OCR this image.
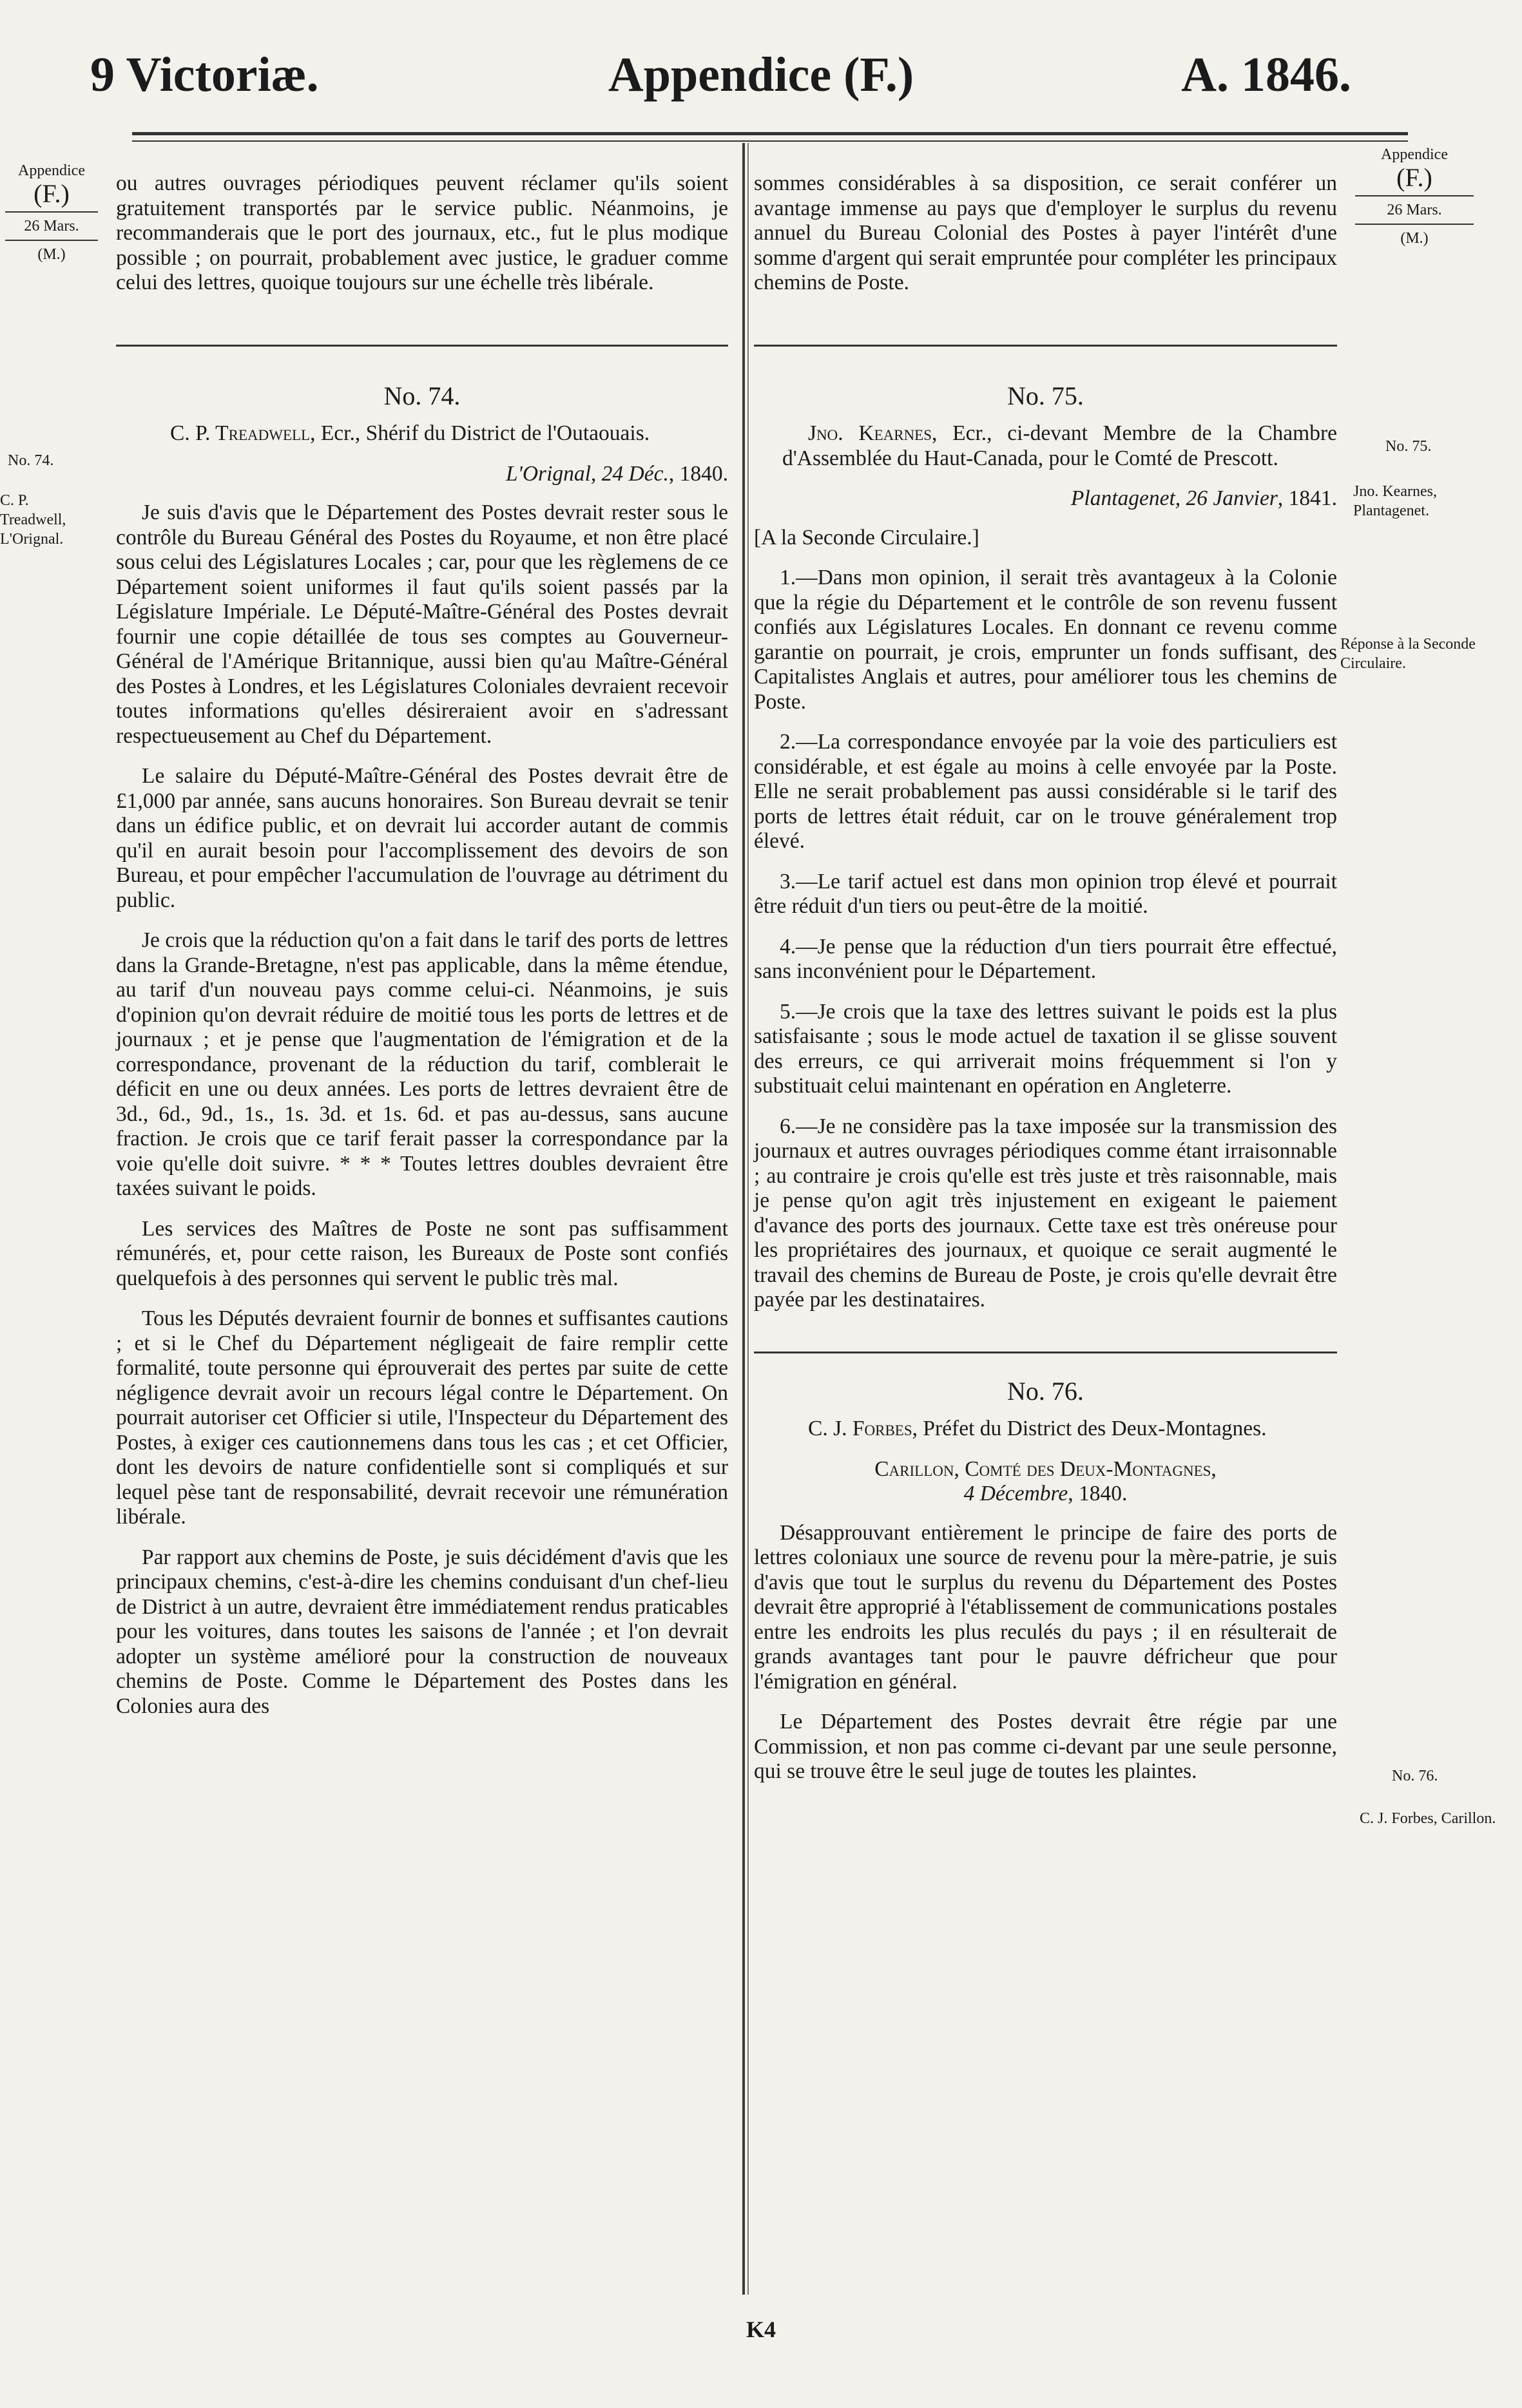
9 Victoriæ.	Appendice (F.)	A. 1846.
Appendice
(F.)
26 Mars.
(M.)
Appendice
(F.)
26 Mars.
(M.)
No. 74.
C. P. Treadwell, L'Orignal.
No. 75.
Jno. Kearnes, Plantagenet.
Réponse à la Seconde Circulaire.
No. 76.
C. J. Forbes, Carillon.

ou autres ouvrages périodiques peuvent réclamer qu'ils soient gratuitement transportés par le service public. Néanmoins, je recommanderais que le port des journaux, etc., fut le plus modique possible ; on pourrait, probablement avec justice, le graduer comme celui des lettres, quoique toujours sur une échelle très libérale.

No. 74.

C. P. Treadwell, Ecr., Shérif du District de l'Outaouais.

L'Orignal, 24 Déc., 1840.

Je suis d'avis que le Département des Postes devrait rester sous le contrôle du Bureau Général des Postes du Royaume, et non être placé sous celui des Législatures Locales ; car, pour que les règlemens de ce Département soient uniformes il faut qu'ils soient passés par la Législature Impériale. Le Député-Maître-Général des Postes devrait fournir une copie détaillée de tous ses comptes au Gouverneur-Général de l'Amérique Britannique, aussi bien qu'au Maître-Général des Postes à Londres, et les Législatures Coloniales devraient recevoir toutes informations qu'elles désireraient avoir en s'adressant respectueusement au Chef du Département.

Le salaire du Député-Maître-Général des Postes devrait être de £1,000 par année, sans aucuns honoraires. Son Bureau devrait se tenir dans un édifice public, et on devrait lui accorder autant de commis qu'il en aurait besoin pour l'accomplissement des devoirs de son Bureau, et pour empêcher l'accumulation de l'ouvrage au détriment du public.

Je crois que la réduction qu'on a fait dans le tarif des ports de lettres dans la Grande-Bretagne, n'est pas applicable, dans la même étendue, au tarif d'un nouveau pays comme celui-ci. Néanmoins, je suis d'opinion qu'on devrait réduire de moitié tous les ports de lettres et de journaux ; et je pense que l'augmentation de l'émigration et de la correspondance, provenant de la réduction du tarif, comblerait le déficit en une ou deux années. Les ports de lettres devraient être de 3d., 6d., 9d., 1s., 1s. 3d. et 1s. 6d. et pas au-dessus, sans aucune fraction. Je crois que ce tarif ferait passer la correspondance par la voie qu'elle doit suivre. * * * Toutes lettres doubles devraient être taxées suivant le poids.

Les services des Maîtres de Poste ne sont pas suffisamment rémunérés, et, pour cette raison, les Bureaux de Poste sont confiés quelquefois à des personnes qui servent le public très mal.

Tous les Députés devraient fournir de bonnes et suffisantes cautions ; et si le Chef du Département négligeait de faire remplir cette formalité, toute personne qui éprouverait des pertes par suite de cette négligence devrait avoir un recours légal contre le Département. On pourrait autoriser cet Officier si utile, l'Inspecteur du Département des Postes, à exiger ces cautionnemens dans tous les cas ; et cet Officier, dont les devoirs de nature confidentielle sont si compliqués et sur lequel pèse tant de responsabilité, devrait recevoir une rémunération libérale.

Par rapport aux chemins de Poste, je suis décidément d'avis que les principaux chemins, c'est-à-dire les chemins conduisant d'un chef-lieu de District à un autre, devraient être immédiatement rendus praticables pour les voitures, dans toutes les saisons de l'année ; et l'on devrait adopter un système amélioré pour la construction de nouveaux chemins de Poste. Comme le Département des Postes dans les Colonies aura des

sommes considérables à sa disposition, ce serait conférer un avantage immense au pays que d'employer le surplus du revenu annuel du Bureau Colonial des Postes à payer l'intérêt d'une somme d'argent qui serait empruntée pour compléter les principaux chemins de Poste.

No. 75.

Jno. Kearnes, Ecr., ci-devant Membre de la Chambre d'Assemblée du Haut-Canada, pour le Comté de Prescott.

Plantagenet, 26 Janvier, 1841.

[A la Seconde Circulaire.]

1.—Dans mon opinion, il serait très avantageux à la Colonie que la régie du Département et le contrôle de son revenu fussent confiés aux Législatures Locales. En donnant ce revenu comme garantie on pourrait, je crois, emprunter un fonds suffisant, des Capitalistes Anglais et autres, pour améliorer tous les chemins de Poste.

2.—La correspondance envoyée par la voie des particuliers est considérable, et est égale au moins à celle envoyée par la Poste. Elle ne serait probablement pas aussi considérable si le tarif des ports de lettres était réduit, car on le trouve généralement trop élevé.

3.—Le tarif actuel est dans mon opinion trop élevé et pourrait être réduit d'un tiers ou peut-être de la moitié.

4.—Je pense que la réduction d'un tiers pourrait être effectué, sans inconvénient pour le Département.

5.—Je crois que la taxe des lettres suivant le poids est la plus satisfaisante ; sous le mode actuel de taxation il se glisse souvent des erreurs, ce qui arriverait moins fréquemment si l'on y substituait celui maintenant en opération en Angleterre.

6.—Je ne considère pas la taxe imposée sur la transmission des journaux et autres ouvrages périodiques comme étant irraisonnable ; au contraire je crois qu'elle est très juste et très raisonnable, mais je pense qu'on agit très injustement en exigeant le paiement d'avance des ports des journaux. Cette taxe est très onéreuse pour les propriétaires des journaux, et quoique ce serait augmenté le travail des chemins de Bureau de Poste, je crois qu'elle devrait être payée par les destinataires.

No. 76.

C. J. Forbes, Préfet du District des Deux-Montagnes.

Carillon, Comté des Deux-Montagnes,
4 Décembre, 1840.

Désapprouvant entièrement le principe de faire des ports de lettres coloniaux une source de revenu pour la mère-patrie, je suis d'avis que tout le surplus du revenu du Département des Postes devrait être approprié à l'établissement de communications postales entre les endroits les plus reculés du pays ; il en résulterait de grands avantages tant pour le pauvre défricheur que pour l'émigration en général.

Le Département des Postes devrait être régie par une Commission, et non pas comme ci-devant par une seule personne, qui se trouve être le seul juge de toutes les plaintes.

K4
